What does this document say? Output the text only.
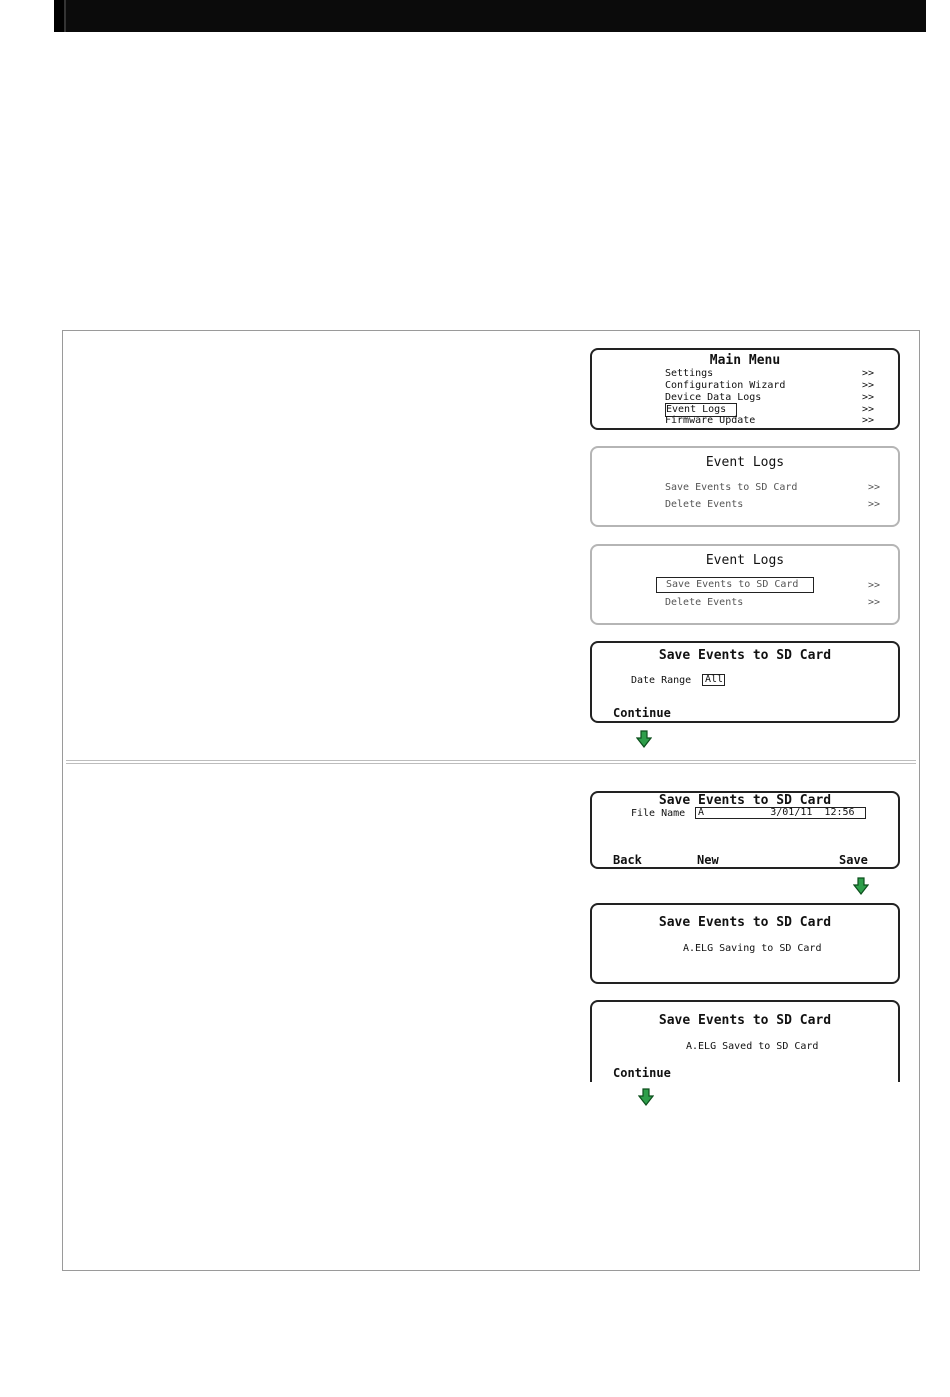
Main Menu
Settings
Configuration Wizard
Device Data Logs
Event Logs
Firmware Update
>>
>>
>>
>>
>>
Event Logs
Save Events to SD Card
Delete Events
>>
>>
Event Logs
Save Events to SD Card
Delete Events
>>
>>
Save Events to SD Card
Date Range	All
Continue
Save Events to SD Card
File Name	A           3/01/11  12:56
Back	New	Save
Save Events to SD Card
A.ELG Saving to SD Card
Save Events to SD Card
A.ELG Saved to SD Card
Continue
